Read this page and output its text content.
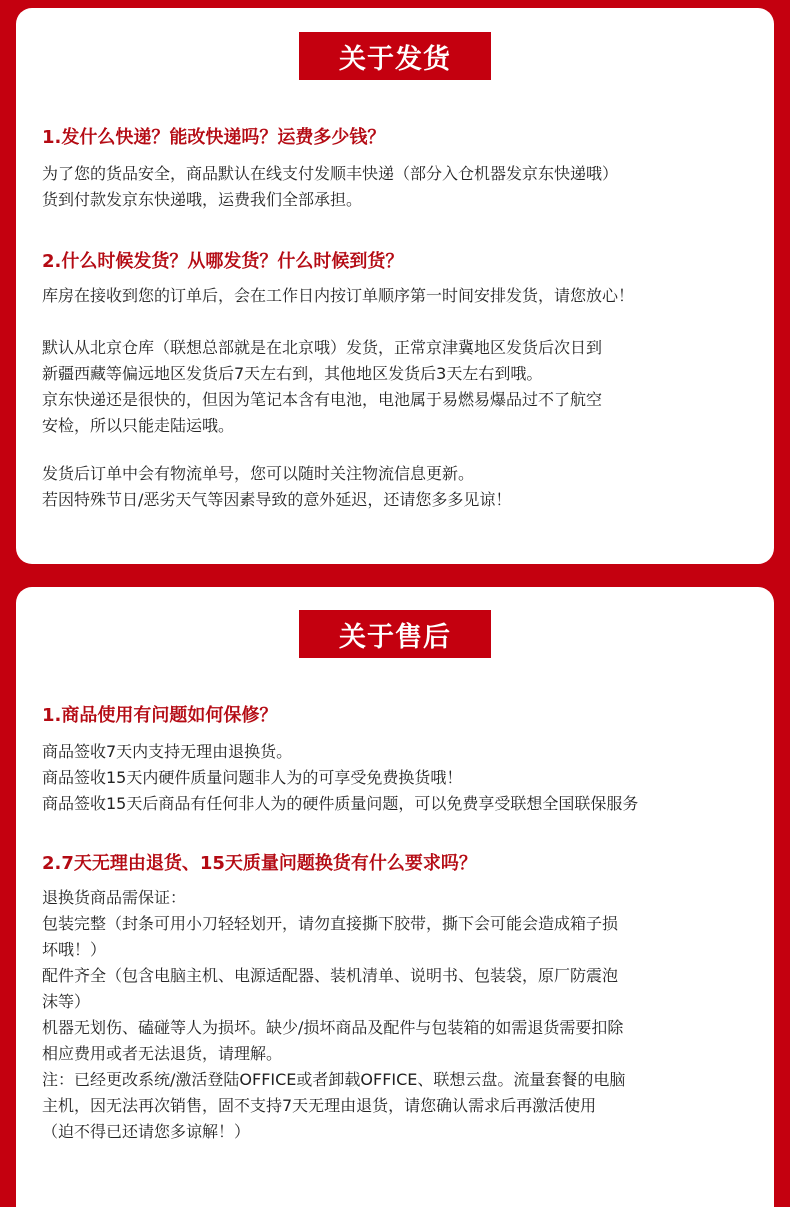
关于发货
1.发什么快递？能改快递吗？运费多少钱？
为了您的货品安全，商品默认在线支付发顺丰快递（部分入仓机器发京东快递哦）
货到付款发京东快递哦，运费我们全部承担。
2.什么时候发货？从哪发货？什么时候到货？
库房在接收到您的订单后，会在工作日内按订单顺序第一时间安排发货，请您放心！
默认从北京仓库（联想总部就是在北京哦）发货，正常京津冀地区发货后次日到
新疆西藏等偏远地区发货后7天左右到，其他地区发货后3天左右到哦。
京东快递还是很快的，但因为笔记本含有电池，电池属于易燃易爆品过不了航空
安检，所以只能走陆运哦。
发货后订单中会有物流单号，您可以随时关注物流信息更新。
若因特殊节日/恶劣天气等因素导致的意外延迟，还请您多多见谅！
关于售后
1.商品使用有问题如何保修？
商品签收7天内支持无理由退换货。
商品签收15天内硬件质量问题非人为的可享受免费换货哦！
商品签收15天后商品有任何非人为的硬件质量问题，可以免费享受联想全国联保服务
2.7天无理由退货、15天质量问题换货有什么要求吗？
退换货商品需保证：
包装完整（封条可用小刀轻轻划开，请勿直接撕下胶带，撕下会可能会造成箱子损
坏哦！）
配件齐全（包含电脑主机、电源适配器、装机清单、说明书、包装袋，原厂防震泡
沫等）
机器无划伤、磕碰等人为损坏。缺少/损坏商品及配件与包装箱的如需退货需要扣除
相应费用或者无法退货，请理解。
注：已经更改系统/激活登陆OFFICE或者卸载OFFICE、联想云盘。流量套餐的电脑
主机，因无法再次销售，固不支持7天无理由退货，请您确认需求后再激活使用
（迫不得已还请您多谅解！）
